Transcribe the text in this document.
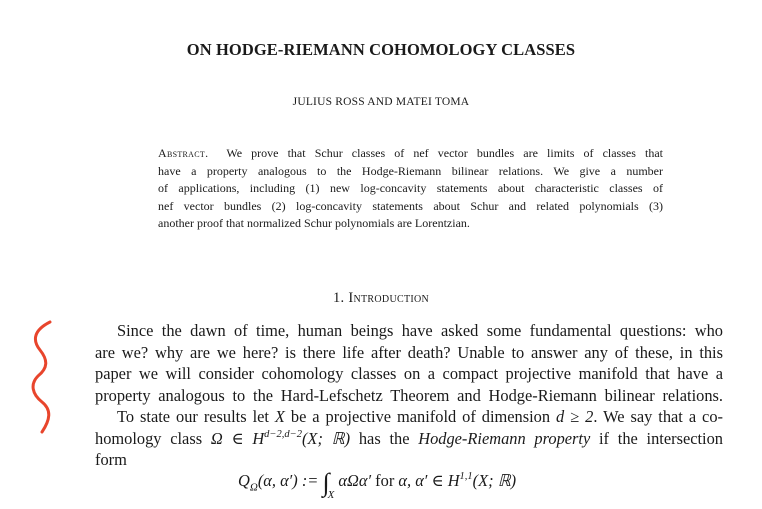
ON HODGE-RIEMANN COHOMOLOGY CLASSES
JULIUS ROSS AND MATEI TOMA
Abstract. We prove that Schur classes of nef vector bundles are limits of classes that
have a property analogous to the Hodge-Riemann bilinear relations. We give a number
of applications, including (1) new log-concavity statements about characteristic classes of
nef vector bundles (2) log-concavity statements about Schur and related polynomials (3)
another proof that normalized Schur polynomials are Lorentzian.
1. Introduction
Since the dawn of time, human beings have asked some fundamental questions: who
are we? why are we here? is there life after death? Unable to answer any of these, in this
paper we will consider cohomology classes on a compact projective manifold that have a
property analogous to the Hard-Lefschetz Theorem and Hodge-Riemann bilinear relations.
To state our results let X be a projective manifold of dimension d ≥ 2. We say that a co-
homology class Ω ∈ $H^{d-2,d-2}(X$; ℝ) has the Hodge-Riemann property if the intersection
form
$Q_\Omega(\alpha$, α′) := $\int_X$ αΩα′ for α, α′ ∈ H$^{1,1}$(X; ℝ)
